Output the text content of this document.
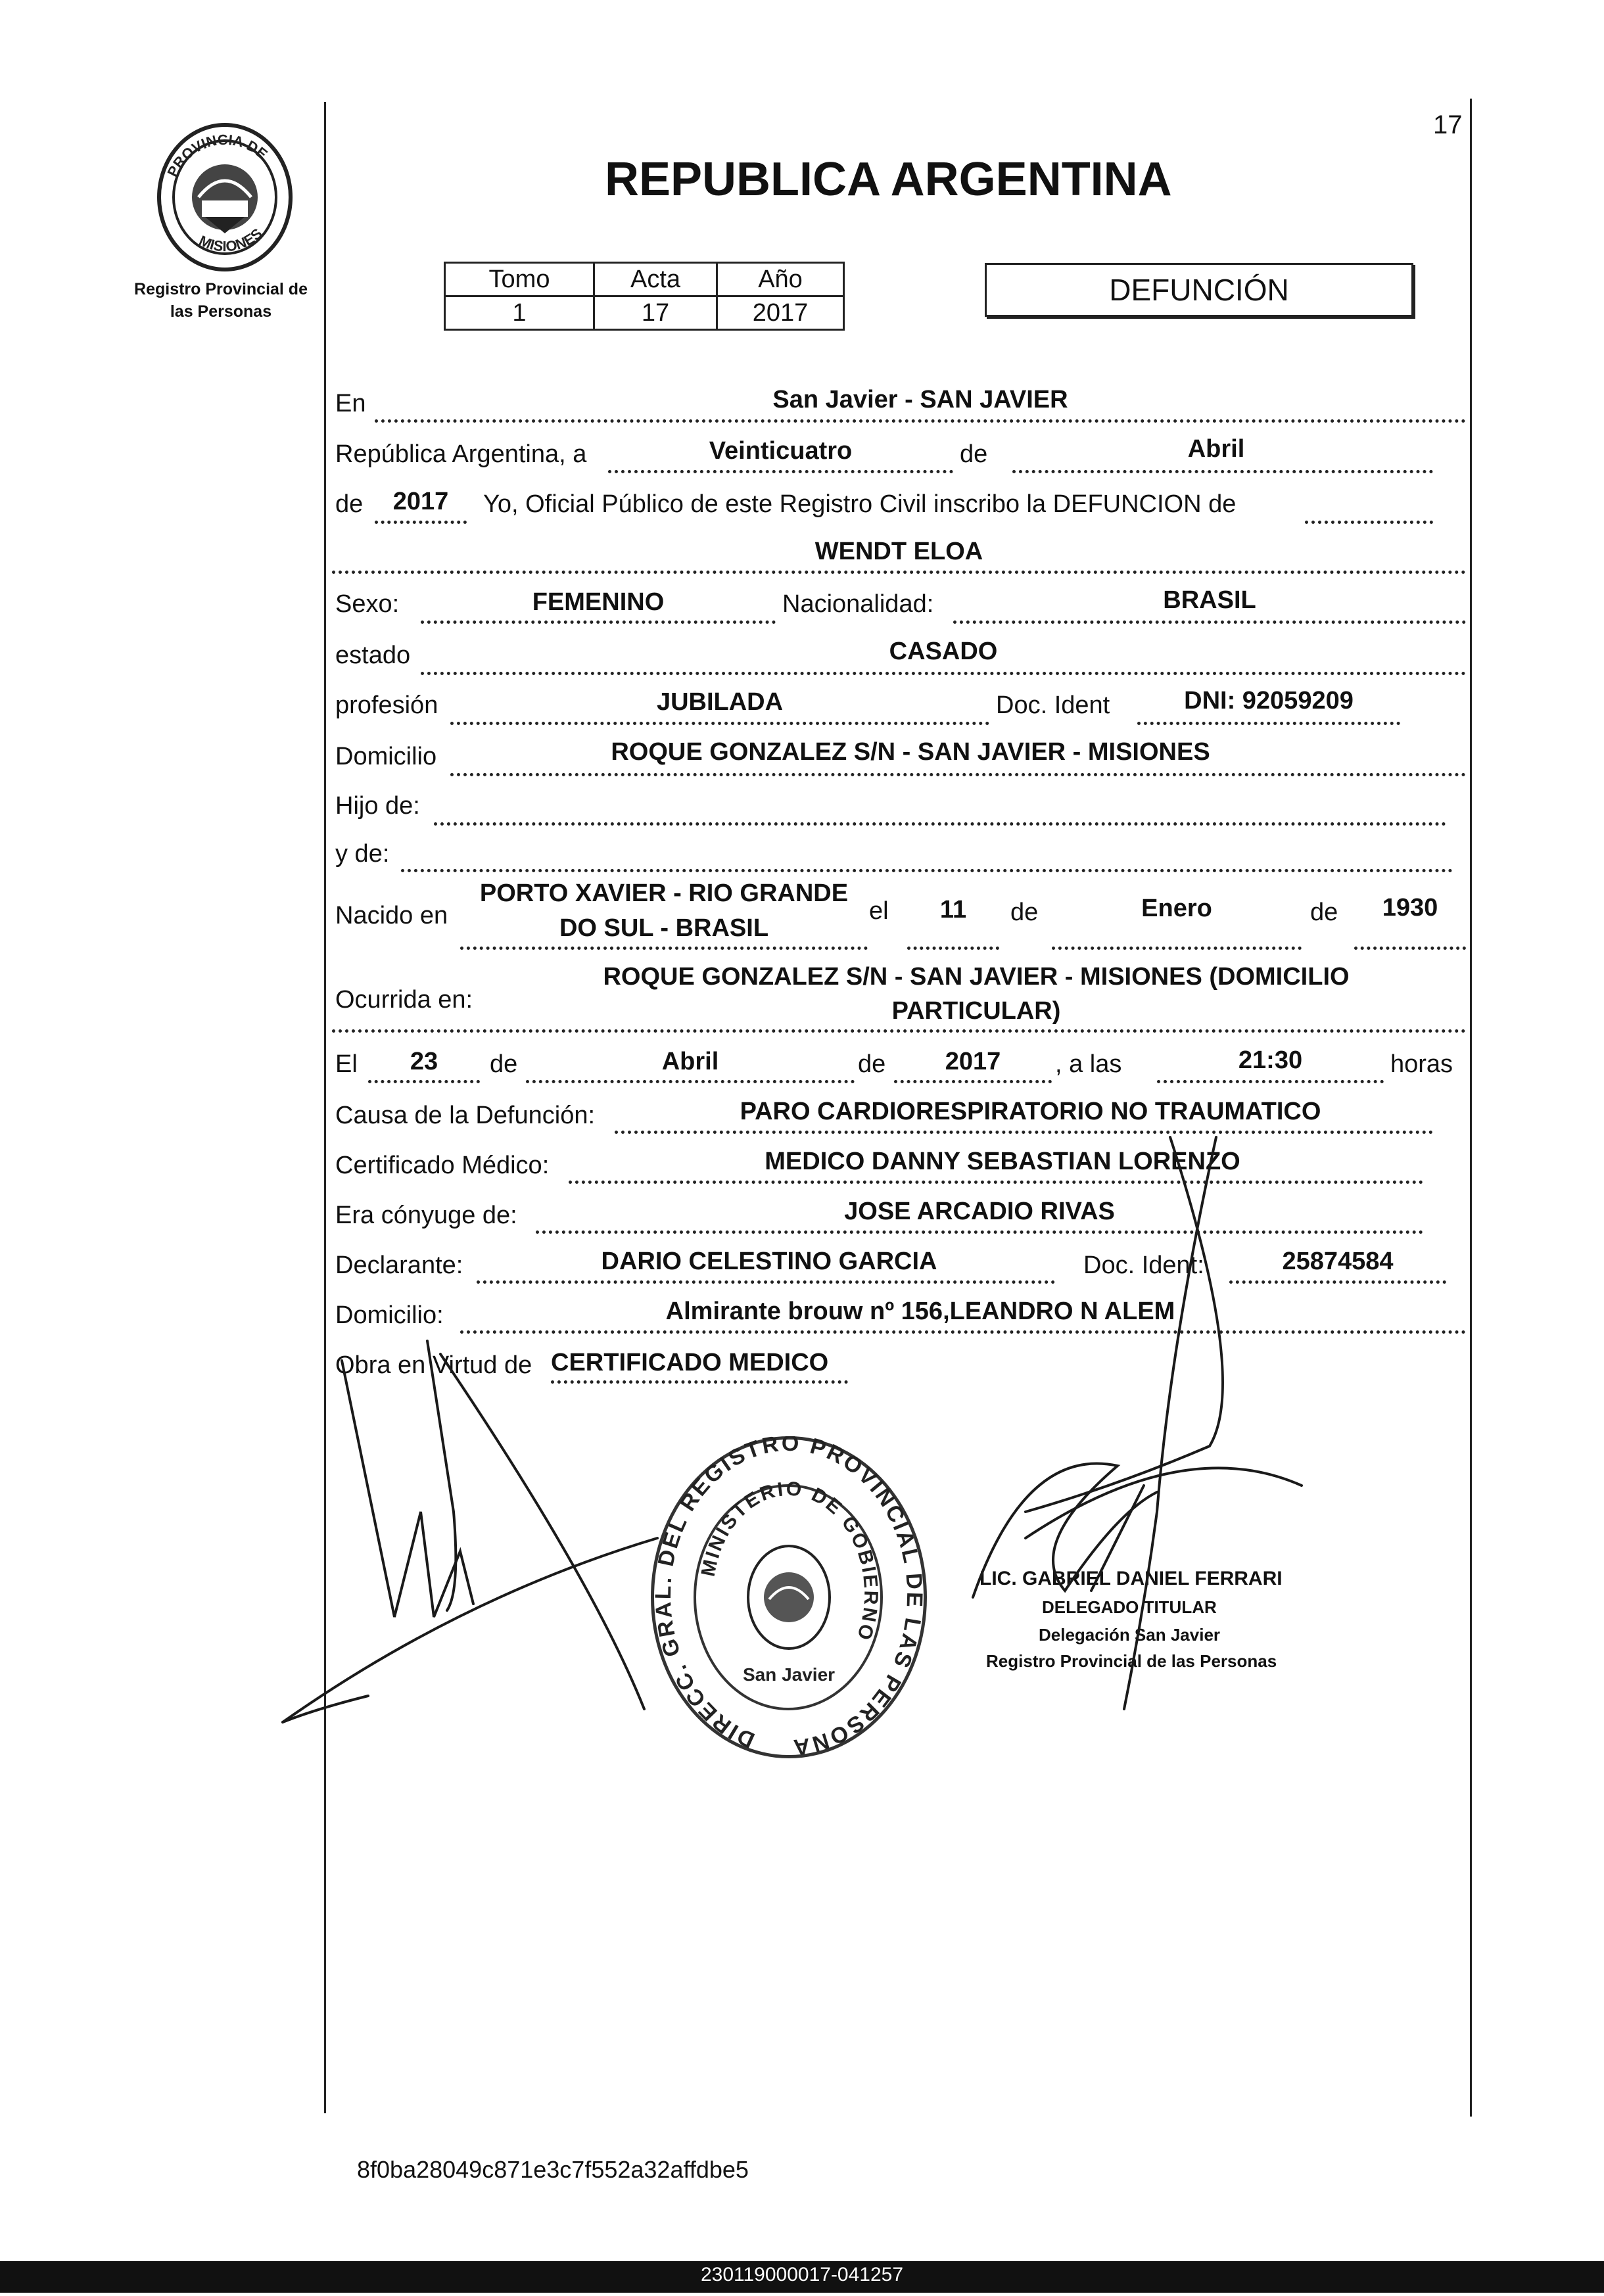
17
PROVINCIA DE
MISIONES
Registro Provincial de
las Personas
REPUBLICA ARGENTINA
Tomo	Acta	Año
1	17	2017
DEFUNCIÓN
En	San Javier - SAN JAVIER
República Argentina, a	Veinticuatro	de	Abril
de	2017	Yo, Oficial Público de este Registro Civil inscribo la DEFUNCION de
WENDT ELOA
Sexo:	FEMENINO	Nacionalidad:	BRASIL
estado	CASADO
profesión	JUBILADA	Doc. Ident	DNI: 92059209
Domicilio	ROQUE GONZALEZ S/N - SAN JAVIER - MISIONES
Hijo de:
y de:
Nacido en
PORTO XAVIER - RIO GRANDE
DO SUL - BRASIL
el	11	de	Enero	de	1930
Ocurrida en:
ROQUE GONZALEZ S/N - SAN JAVIER - MISIONES (DOMICILIO
PARTICULAR)
El	23	de	Abril	de	2017	, a las	21:30	horas
Causa de la Defunción:	PARO CARDIORESPIRATORIO NO TRAUMATICO
Certificado Médico:	MEDICO DANNY SEBASTIAN LORENZO
Era cónyuge de:	JOSE ARCADIO RIVAS
Declarante:	DARIO CELESTINO GARCIA	Doc. Ident:	25874584
Domicilio:	Almirante brouw nº 156,LEANDRO N ALEM
Obra en Virtud de CERTIFICADO MEDICO
DIRECC. GRAL. DEL REGISTRO PROVINCIAL DE LAS PERSONA
MINISTERIO DE GOBIERNO
San Javier
LIC. GABRIEL DANIEL FERRARI
DELEGADO TITULAR
Delegación San Javier
Registro Provincial de las Personas
8f0ba28049c871e3c7f552a32affdbe5
230119000017-041257
